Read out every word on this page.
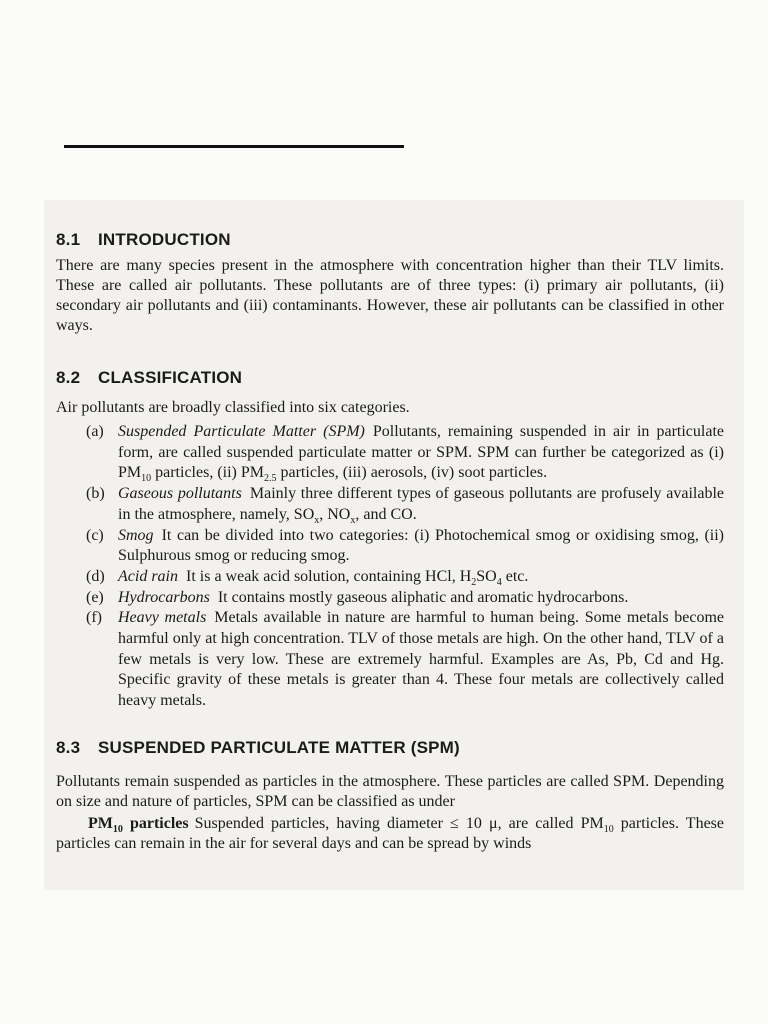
8.1	INTRODUCTION

There are many species present in the atmosphere with concentration higher than their TLV limits. These are called air pollutants. These pollutants are of three types: (i) primary air pollutants, (ii) secondary air pollutants and (iii) contaminants. However, these air pollutants can be classified in other ways.

8.2	CLASSIFICATION

Air pollutants are broadly classified into six categories.

(a) Suspended Particulate Matter (SPM) Pollutants, remaining suspended in air in particulate form, are called suspended particulate matter or SPM. SPM can further be categorized as (i) $PM_{10}$ particles, (ii) $PM_{2.5}$ particles, (iii) aerosols, (iv) soot particles.
(b) Gaseous pollutants Mainly three different types of gaseous pollutants are profusely available in the atmosphere, namely, $SO_x$, $NO_x$, and CO.
(c) Smog It can be divided into two categories: (i) Photochemical smog or oxidising smog, (ii) Sulphurous smog or reducing smog.
(d) Acid rain It is a weak acid solution, containing HCl, $H_2SO_4$ etc.
(e) Hydrocarbons It contains mostly gaseous aliphatic and aromatic hydrocarbons.
(f)	Heavy metals Metals available in nature are harmful to human being. Some metals become harmful only at high concentration. TLV of those metals are high. On the other hand, TLV of a few metals is very low. These are extremely harmful. Examples are As, Pb, Cd and Hg. Specific gravity of these metals is greater than 4. These four metals are collectively called heavy metals.
8.3	SUSPENDED PARTICULATE MATTER (SPM)

Pollutants remain suspended as particles in the atmosphere. These particles are called SPM. Depending on size and nature of particles, SPM can be classified as under

$PM_{10}$ particles Suspended particles, having diameter ≤ 10 μ, are called $PM_{10}$ particles. These particles can remain in the air for several days and can be spread by winds
